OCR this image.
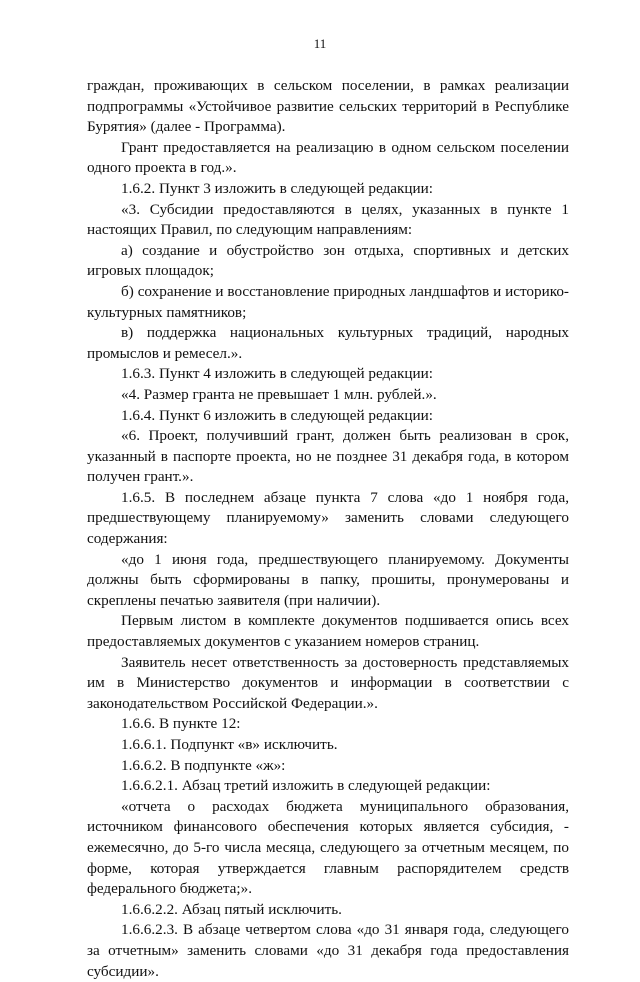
11

граждан, проживающих в сельском поселении, в рамках реализации подпрограммы «Устойчивое развитие сельских территорий в Республике Бурятия» (далее - Программа).

Грант предоставляется на реализацию в одном сельском поселении одного проекта в год.».

1.6.2. Пункт 3 изложить в следующей редакции:

«3. Субсидии предоставляются в целях, указанных в пункте 1 настоящих Правил, по следующим направлениям:

а) создание и обустройство зон отдыха, спортивных и детских игровых площадок;

б) сохранение и восстановление природных ландшафтов и историко-культурных памятников;

в) поддержка национальных культурных традиций, народных промыслов и ремесел.».

1.6.3. Пункт 4 изложить в следующей редакции:

«4. Размер гранта не превышает 1 млн. рублей.».

1.6.4. Пункт 6 изложить в следующей редакции:

«6. Проект, получивший грант, должен быть реализован в срок, указанный в паспорте проекта, но не позднее 31 декабря года, в котором получен грант.».

1.6.5. В последнем абзаце пункта 7 слова «до 1 ноября года, предшествующему планируемому» заменить словами следующего содержания:

«до 1 июня года, предшествующего планируемому. Документы должны быть сформированы в папку, прошиты, пронумерованы и скреплены печатью заявителя (при наличии).

Первым листом в комплекте документов подшивается опись всех предоставляемых документов с указанием номеров страниц.

Заявитель несет ответственность за достоверность представляемых им в Министерство документов и информации в соответствии с законодательством Российской Федерации.».

1.6.6. В пункте 12:

1.6.6.1. Подпункт «в» исключить.

1.6.6.2. В подпункте «ж»:

1.6.6.2.1. Абзац третий изложить в следующей редакции:

«отчета о расходах бюджета муниципального образования, источником финансового обеспечения которых является субсидия, - ежемесячно, до 5-го числа месяца, следующего за отчетным месяцем, по форме, которая утверждается главным распорядителем средств федерального бюджета;».

1.6.6.2.2. Абзац пятый исключить.

1.6.6.2.3. В абзаце четвертом слова «до 31 января года, следующего за отчетным» заменить словами «до 31 декабря года предоставления субсидии».
